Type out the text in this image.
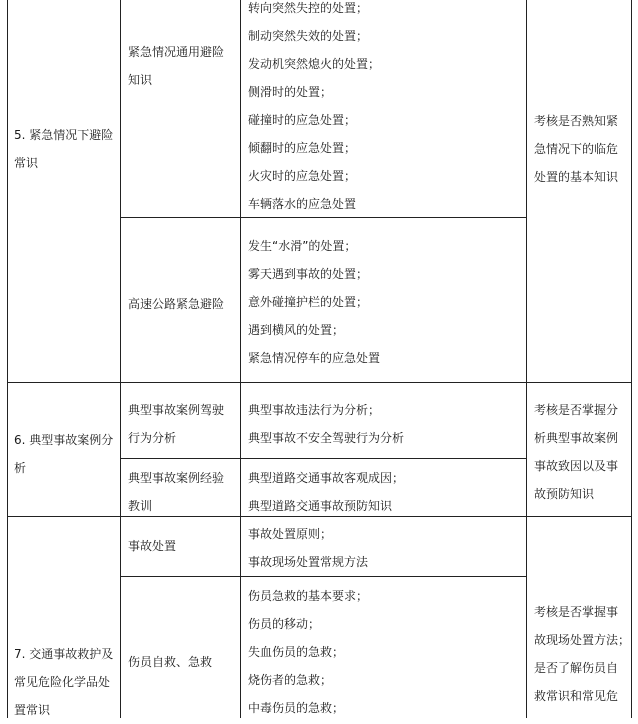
5. 紧急情况下避险
常识
紧急情况通用避险
知识
转向突然失控的处置；
制动突然失效的处置；
发动机突然熄火的处置；
侧滑时的处置；
碰撞时的应急处置；
倾翻时的应急处置；
火灾时的应急处置；
车辆落水的应急处置
高速公路紧急避险
发生“水滑”的处置；
雾天遇到事故的处置；
意外碰撞护栏的处置；
遇到横风的处置；
紧急情况停车的应急处置
考核是否熟知紧
急情况下的临危
处置的基本知识
6. 典型事故案例分
析
典型事故案例驾驶
行为分析
典型事故违法行为分析；
典型事故不安全驾驶行为分析
典型事故案例经验
教训
典型道路交通事故客观成因；
典型道路交通事故预防知识
考核是否掌握分
析典型事故案例
事故致因以及事
故预防知识
7. 交通事故救护及
常见危险化学品处
置常识
事故处置
事故处置原则；
事故现场处置常规方法
伤员自救、急救
伤员急救的基本要求；
伤员的移动；
失血伤员的急救；
烧伤者的急救；
中毒伤员的急救；
考核是否掌握事
故现场处置方法；
是否了解伤员自
救常识和常见危
